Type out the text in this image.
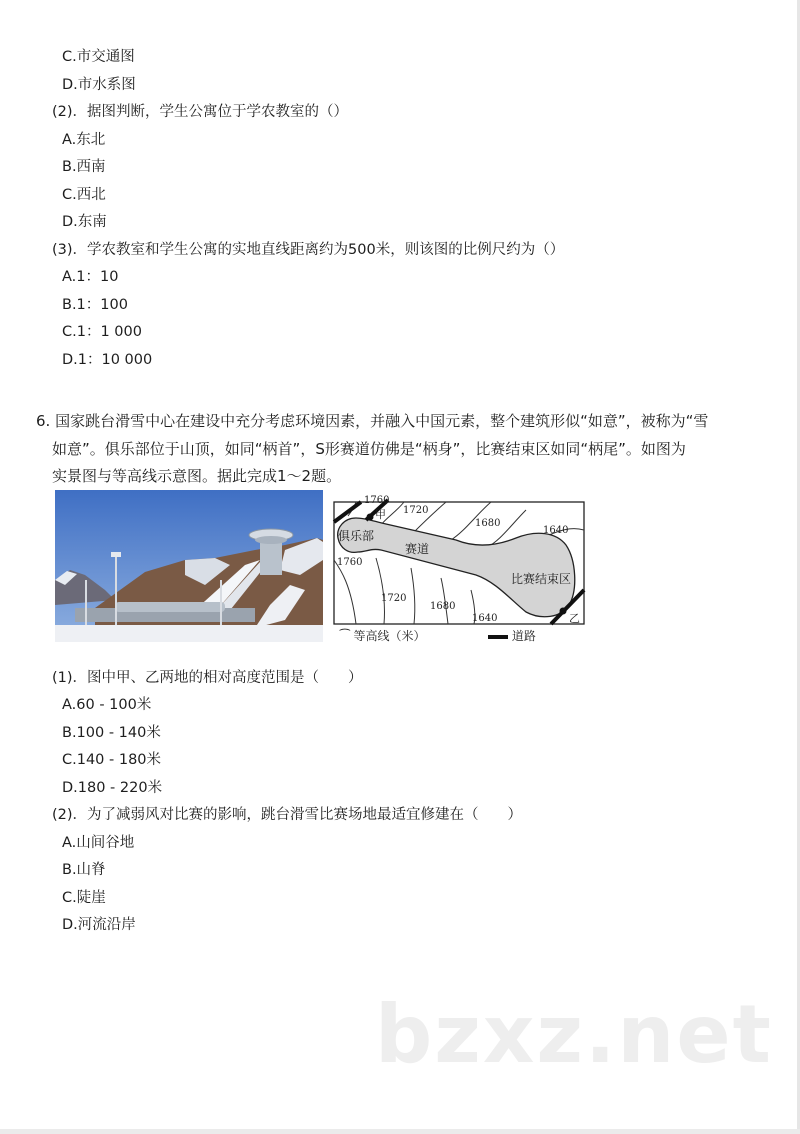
C.市交通图
D.市水系图
(2)．据图判断，学生公寓位于学农教室的（）
A.东北
B.西南
C.西北
D.东南
(3)．学农教室和学生公寓的实地直线距离约为500米，则该图的比例尺约为（）
A.1：10
B.1：100
C.1：1 000
D.1：10 000
6. 国家跳台滑雪中心在建设中充分考虑环境因素，并融入中国元素，整个建筑形似“如意”，被称为“雪
如意”。俱乐部位于山顶，如同“柄首”，S形赛道仿佛是“柄身”，比赛结束区如同“柄尾”。如图为
实景图与等高线示意图。据此完成1～2题。
1760
1720
1680
1640
1760
1720
1680
1640
俱乐部
赛道
比赛结束区
甲
乙
⁀ 等高线（米）	道路
(1)．图中甲、乙两地的相对高度范围是（　　）
A.60 - 100米
B.100 - 140米
C.140 - 180米
D.180 - 220米
(2)．为了减弱风对比赛的影响，跳台滑雪比赛场地最适宜修建在（　　）
A.山间谷地
B.山脊
C.陡崖
D.河流沿岸
bzxz.net
